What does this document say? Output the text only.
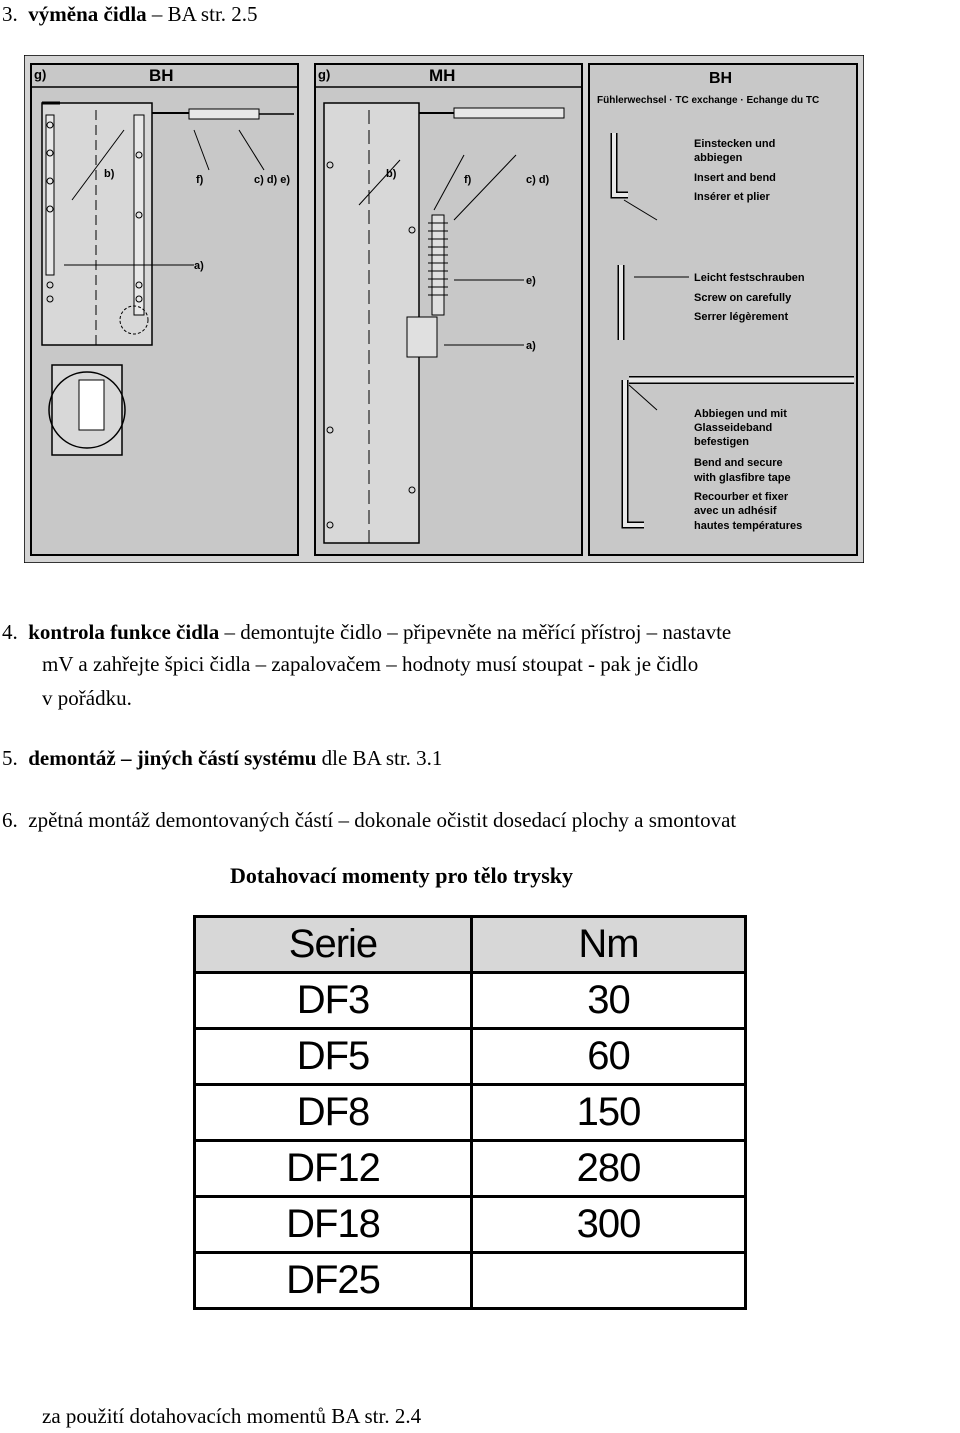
3. výměna čidla – BA str. 2.5
g)	BH
b)	f)	c) d) e)
a)
g)	MH
b)	f)	c) d)
e)
a)
BH
Fühlerwechsel · TC exchange · Echange du TC
Einstecken und abbiegen Insert and bend Insérer et plier Leicht festschrauben Screw on carefully Serrer légèrement Abbiegen und mit Glasseideband befestigen Bend and secure with glasfibre tape Recourber et fixer avec un adhésif hautes températures
4. kontrola funkce čidla – demontujte čidlo – připevněte na měřící přístroj – nastavte
mV a zahřejte špici čidla – zapalovačem – hodnoty musí stoupat - pak je čidlo
v pořádku.
5. demontáž – jiných částí systému dle BA str. 3.1
6. zpětná montáž demontovaných částí – dokonale očistit dosedací plochy a smontovat
Dotahovací momenty pro tělo trysky
Serie	Nm
DF3	30
DF5	60
DF8	150
DF12	280
DF18	300
DF25	
za použití dotahovacích momentů BA str. 2.4
